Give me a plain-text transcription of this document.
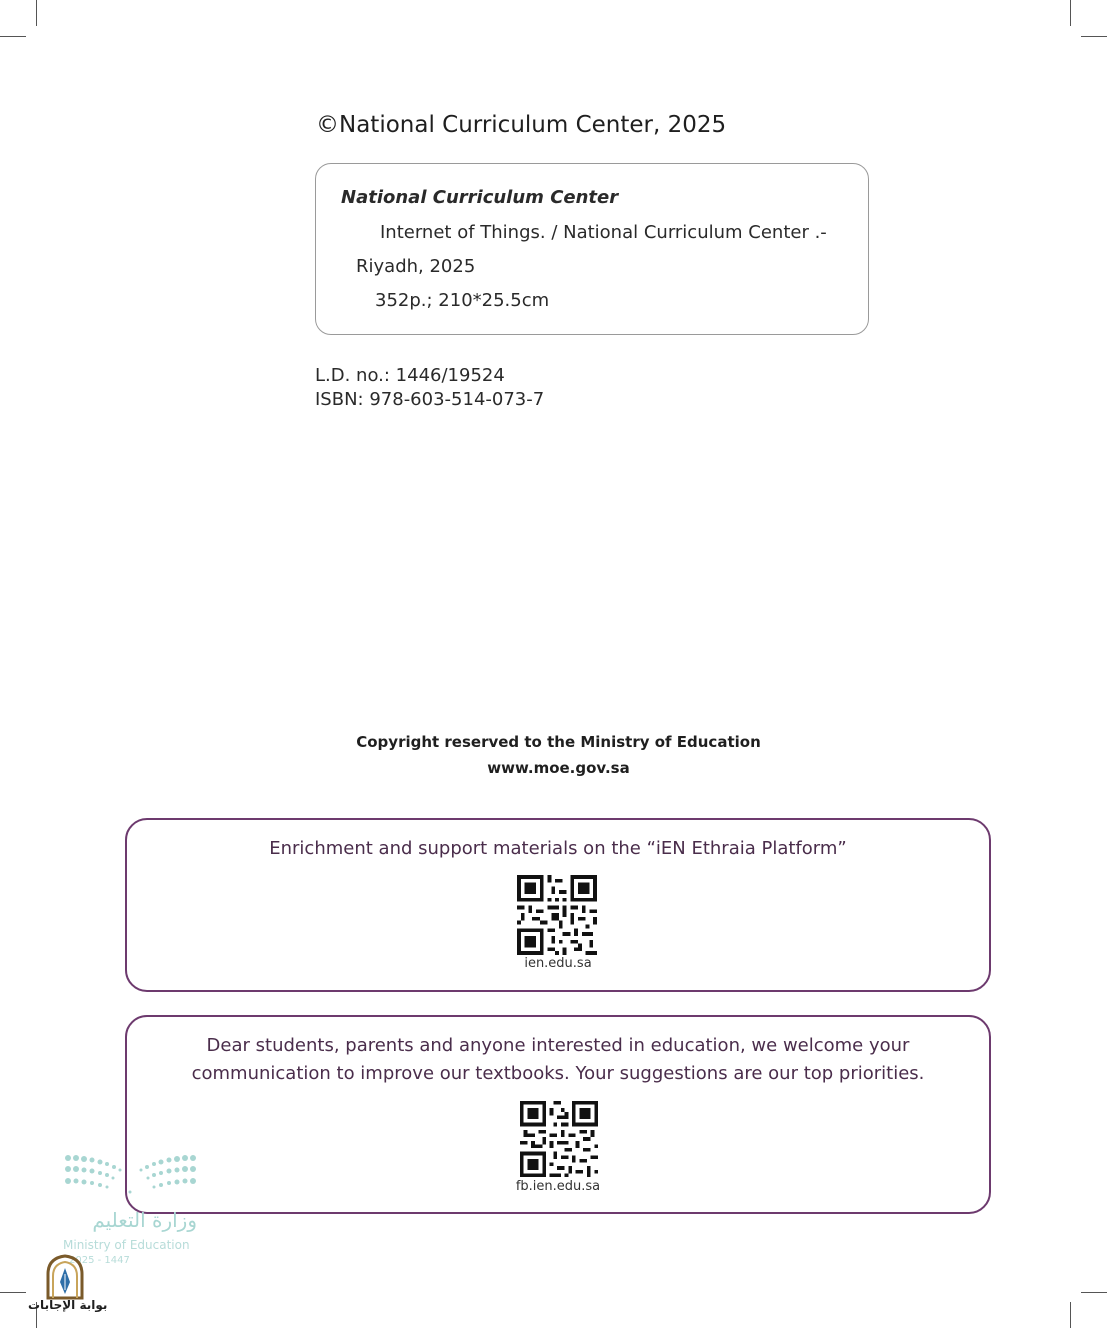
©National Curriculum Center, 2025
National Curriculum Center
Internet of Things. / National Curriculum Center .-
Riyadh, 2025
352p.; 210*25.5cm
L.D. no.: 1446/19524
ISBN: 978-603-514-073-7
Copyright reserved to the Ministry of Education
www.moe.gov.sa
Enrichment and support materials on the “iEN Ethraia Platform”
ien.edu.sa
Dear students, parents and anyone interested in education, we welcome your
communication to improve our textbooks. Your suggestions are our top priorities.
fb.ien.edu.sa
وزارة التعليم
Ministry of Education
2025 - 1447
بوابة الإجابات
